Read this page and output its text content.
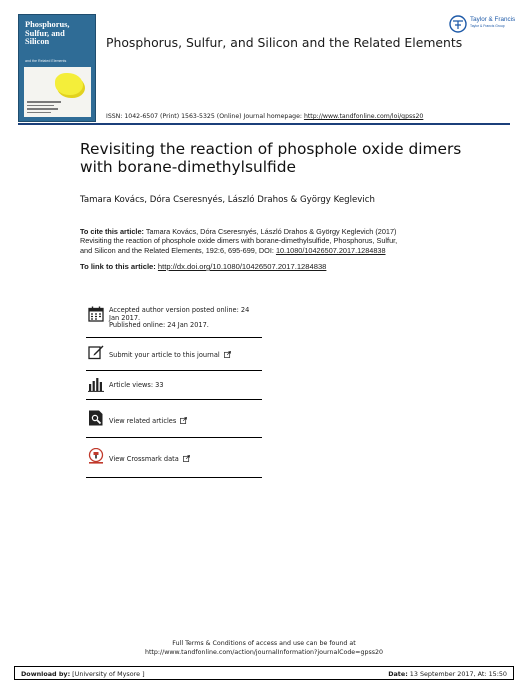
Phosphorus, Sulfur, and Silicon
and the Related Elements
Phosphorus, Sulfur, and Silicon and the Related Elements
Taylor & Francis
Taylor & Francis Group
ISSN: 1042-6507 (Print) 1563-5325 (Online) Journal homepage: http://www.tandfonline.com/loi/gpss20
Revisiting the reaction of phosphole oxide dimers
with borane-dimethylsulfide
Tamara Kovács, Dóra Cseresnyés, László Drahos & György Keglevich
To cite this article: Tamara Kovács, Dóra Cseresnyés, László Drahos & György Keglevich (2017)
Revisiting the reaction of phosphole oxide dimers with borane-dimethylsulfide, Phosphorus, Sulfur,
and Silicon and the Related Elements, 192:6, 695-699, DOI: 10.1080/10426507.2017.1284838
To link to this article: http://dx.doi.org/10.1080/10426507.2017.1284838
Accepted author version posted online: 24
Jan 2017.
Published online: 24 Jan 2017.
Submit your article to this journal
Article views: 33
View related articles
View Crossmark data
Full Terms & Conditions of access and use can be found at
http://www.tandfonline.com/action/journalInformation?journalCode=gpss20
Download by: [University of Mysore ]	Date: 13 September 2017, At: 15:50
